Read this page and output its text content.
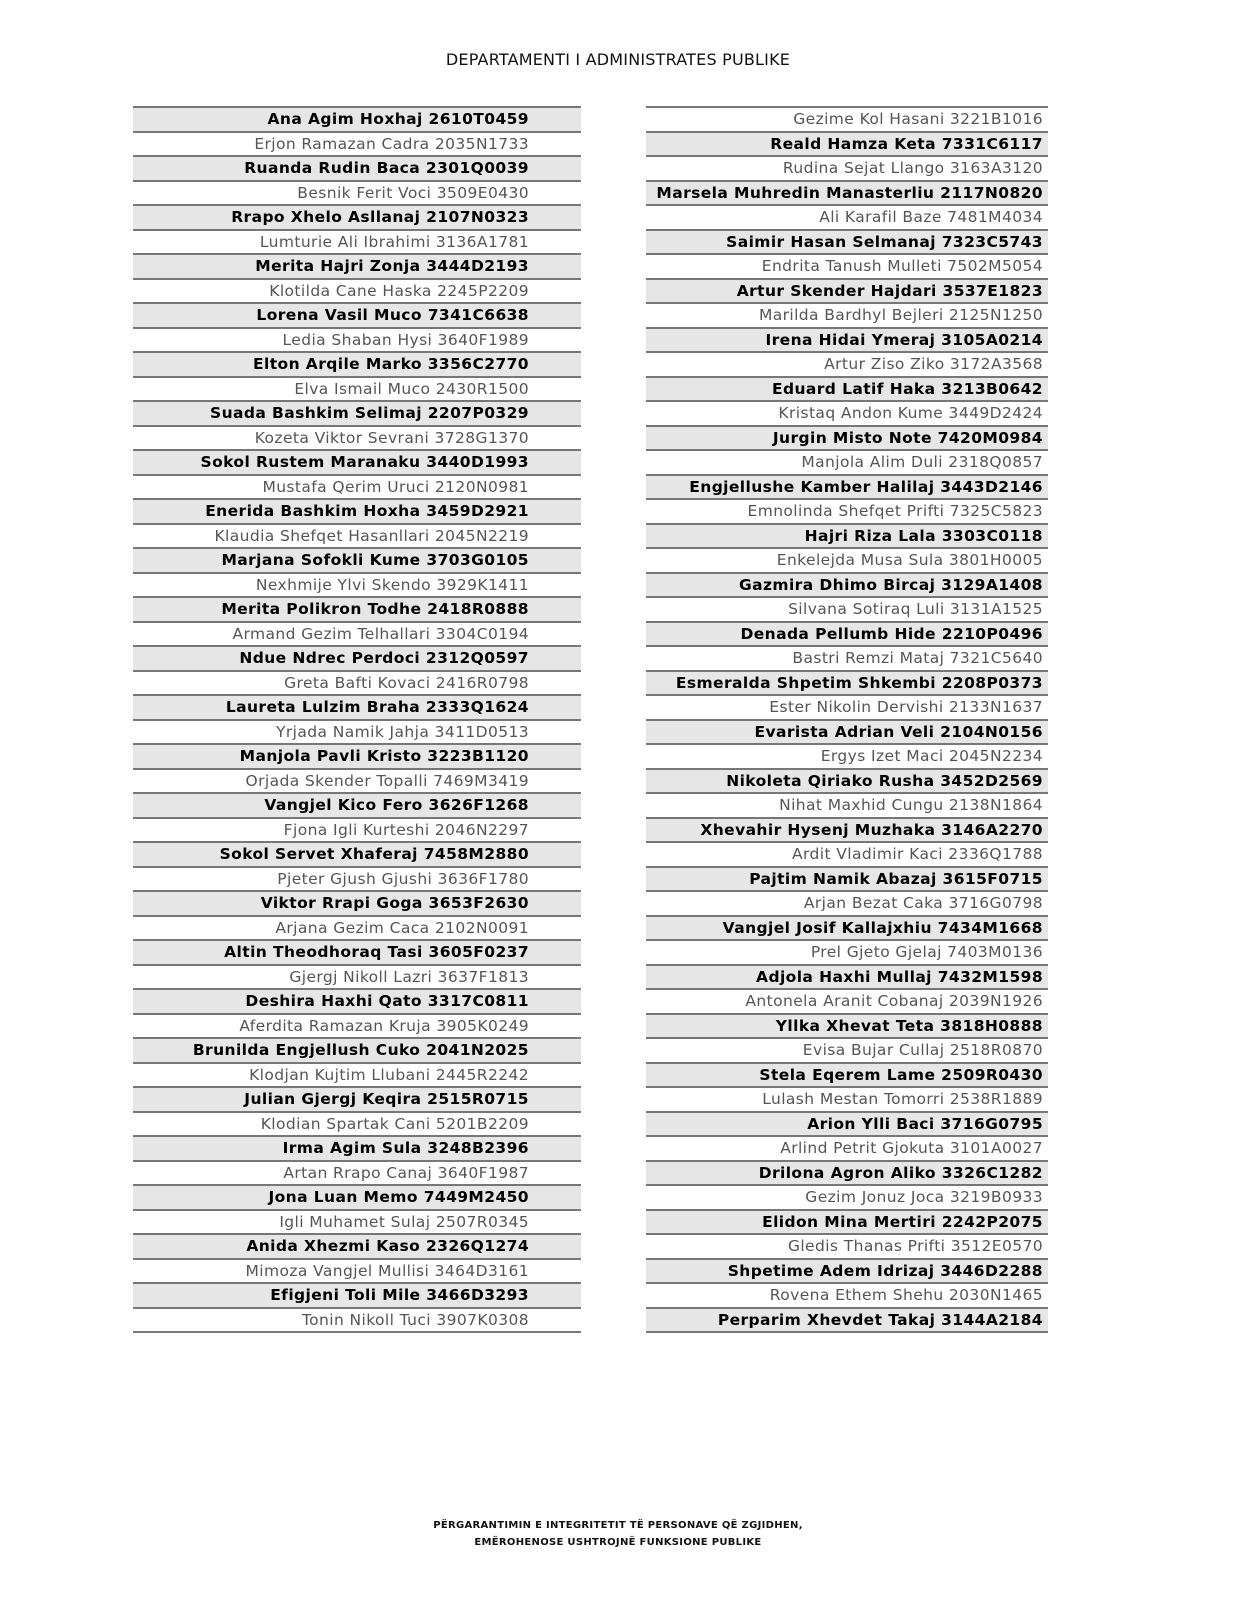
DEPARTAMENTI I ADMINISTRATES PUBLIKE
Ana Agim Hoxhaj 2610T0459
Erjon Ramazan Cadra 2035N1733
Ruanda Rudin Baca 2301Q0039
Besnik Ferit Voci 3509E0430
Rrapo Xhelo Asllanaj 2107N0323
Lumturie Ali Ibrahimi 3136A1781
Merita Hajri Zonja 3444D2193
Klotilda Cane Haska 2245P2209
Lorena Vasil Muco 7341C6638
Ledia Shaban Hysi 3640F1989
Elton Arqile Marko 3356C2770
Elva Ismail Muco 2430R1500
Suada Bashkim Selimaj 2207P0329
Kozeta Viktor Sevrani 3728G1370
Sokol Rustem Maranaku 3440D1993
Mustafa Qerim Uruci 2120N0981
Enerida Bashkim Hoxha 3459D2921
Klaudia Shefqet Hasanllari 2045N2219
Marjana Sofokli Kume 3703G0105
Nexhmije Ylvi Skendo 3929K1411
Merita Polikron Todhe 2418R0888
Armand Gezim Telhallari 3304C0194
Ndue Ndrec Perdoci 2312Q0597
Greta Bafti Kovaci 2416R0798
Laureta Lulzim Braha 2333Q1624
Yrjada Namik Jahja 3411D0513
Manjola Pavli Kristo 3223B1120
Orjada Skender Topalli 7469M3419
Vangjel Kico Fero 3626F1268
Fjona Igli Kurteshi 2046N2297
Sokol Servet Xhaferaj 7458M2880
Pjeter Gjush Gjushi 3636F1780
Viktor Rrapi Goga 3653F2630
Arjana Gezim Caca 2102N0091
Altin Theodhoraq Tasi 3605F0237
Gjergj Nikoll Lazri 3637F1813
Deshira Haxhi Qato 3317C0811
Aferdita Ramazan Kruja 3905K0249
Brunilda Engjellush Cuko 2041N2025
Klodjan Kujtim Llubani 2445R2242
Julian Gjergj Keqira 2515R0715
Klodian Spartak Cani 5201B2209
Irma Agim Sula 3248B2396
Artan Rrapo Canaj 3640F1987
Jona Luan Memo 7449M2450
Igli Muhamet Sulaj 2507R0345
Anida Xhezmi Kaso 2326Q1274
Mimoza Vangjel Mullisi 3464D3161
Efigjeni Toli Mile 3466D3293
Tonin Nikoll Tuci 3907K0308
Gezime Kol Hasani 3221B1016
Reald Hamza Keta 7331C6117
Rudina Sejat Llango 3163A3120
Marsela Muhredin Manasterliu 2117N0820
Ali Karafil Baze 7481M4034
Saimir Hasan Selmanaj 7323C5743
Endrita Tanush Mulleti 7502M5054
Artur Skender Hajdari 3537E1823
Marilda Bardhyl Bejleri 2125N1250
Irena Hidai Ymeraj 3105A0214
Artur Ziso Ziko 3172A3568
Eduard Latif Haka 3213B0642
Kristaq Andon Kume 3449D2424
Jurgin Misto Note 7420M0984
Manjola Alim Duli 2318Q0857
Engjellushe Kamber Halilaj 3443D2146
Emnolinda Shefqet Prifti 7325C5823
Hajri Riza Lala 3303C0118
Enkelejda Musa Sula 3801H0005
Gazmira Dhimo Bircaj 3129A1408
Silvana Sotiraq Luli 3131A1525
Denada Pellumb Hide 2210P0496
Bastri Remzi Mataj 7321C5640
Esmeralda Shpetim Shkembi 2208P0373
Ester Nikolin Dervishi 2133N1637
Evarista Adrian Veli 2104N0156
Ergys Izet Maci 2045N2234
Nikoleta Qiriako Rusha 3452D2569
Nihat Maxhid Cungu 2138N1864
Xhevahir Hysenj Muzhaka 3146A2270
Ardit Vladimir Kaci 2336Q1788
Pajtim Namik Abazaj 3615F0715
Arjan Bezat Caka 3716G0798
Vangjel Josif Kallajxhiu 7434M1668
Prel Gjeto Gjelaj 7403M0136
Adjola Haxhi Mullaj 7432M1598
Antonela Aranit Cobanaj 2039N1926
Yllka Xhevat Teta 3818H0888
Evisa Bujar Cullaj 2518R0870
Stela Eqerem Lame 2509R0430
Lulash Mestan Tomorri 2538R1889
Arion Ylli Baci 3716G0795
Arlind Petrit Gjokuta 3101A0027
Drilona Agron Aliko 3326C1282
Gezim Jonuz Joca 3219B0933
Elidon Mina Mertiri 2242P2075
Gledis Thanas Prifti 3512E0570
Shpetime Adem Idrizaj 3446D2288
Rovena Ethem Shehu 2030N1465
Perparim Xhevdet Takaj 3144A2184
PËRGARANTIMIN E INTEGRITETIT TË PERSONAVE QË ZGJIDHEN,
EMËROHENOSE USHTROJNË FUNKSIONE PUBLIKE
